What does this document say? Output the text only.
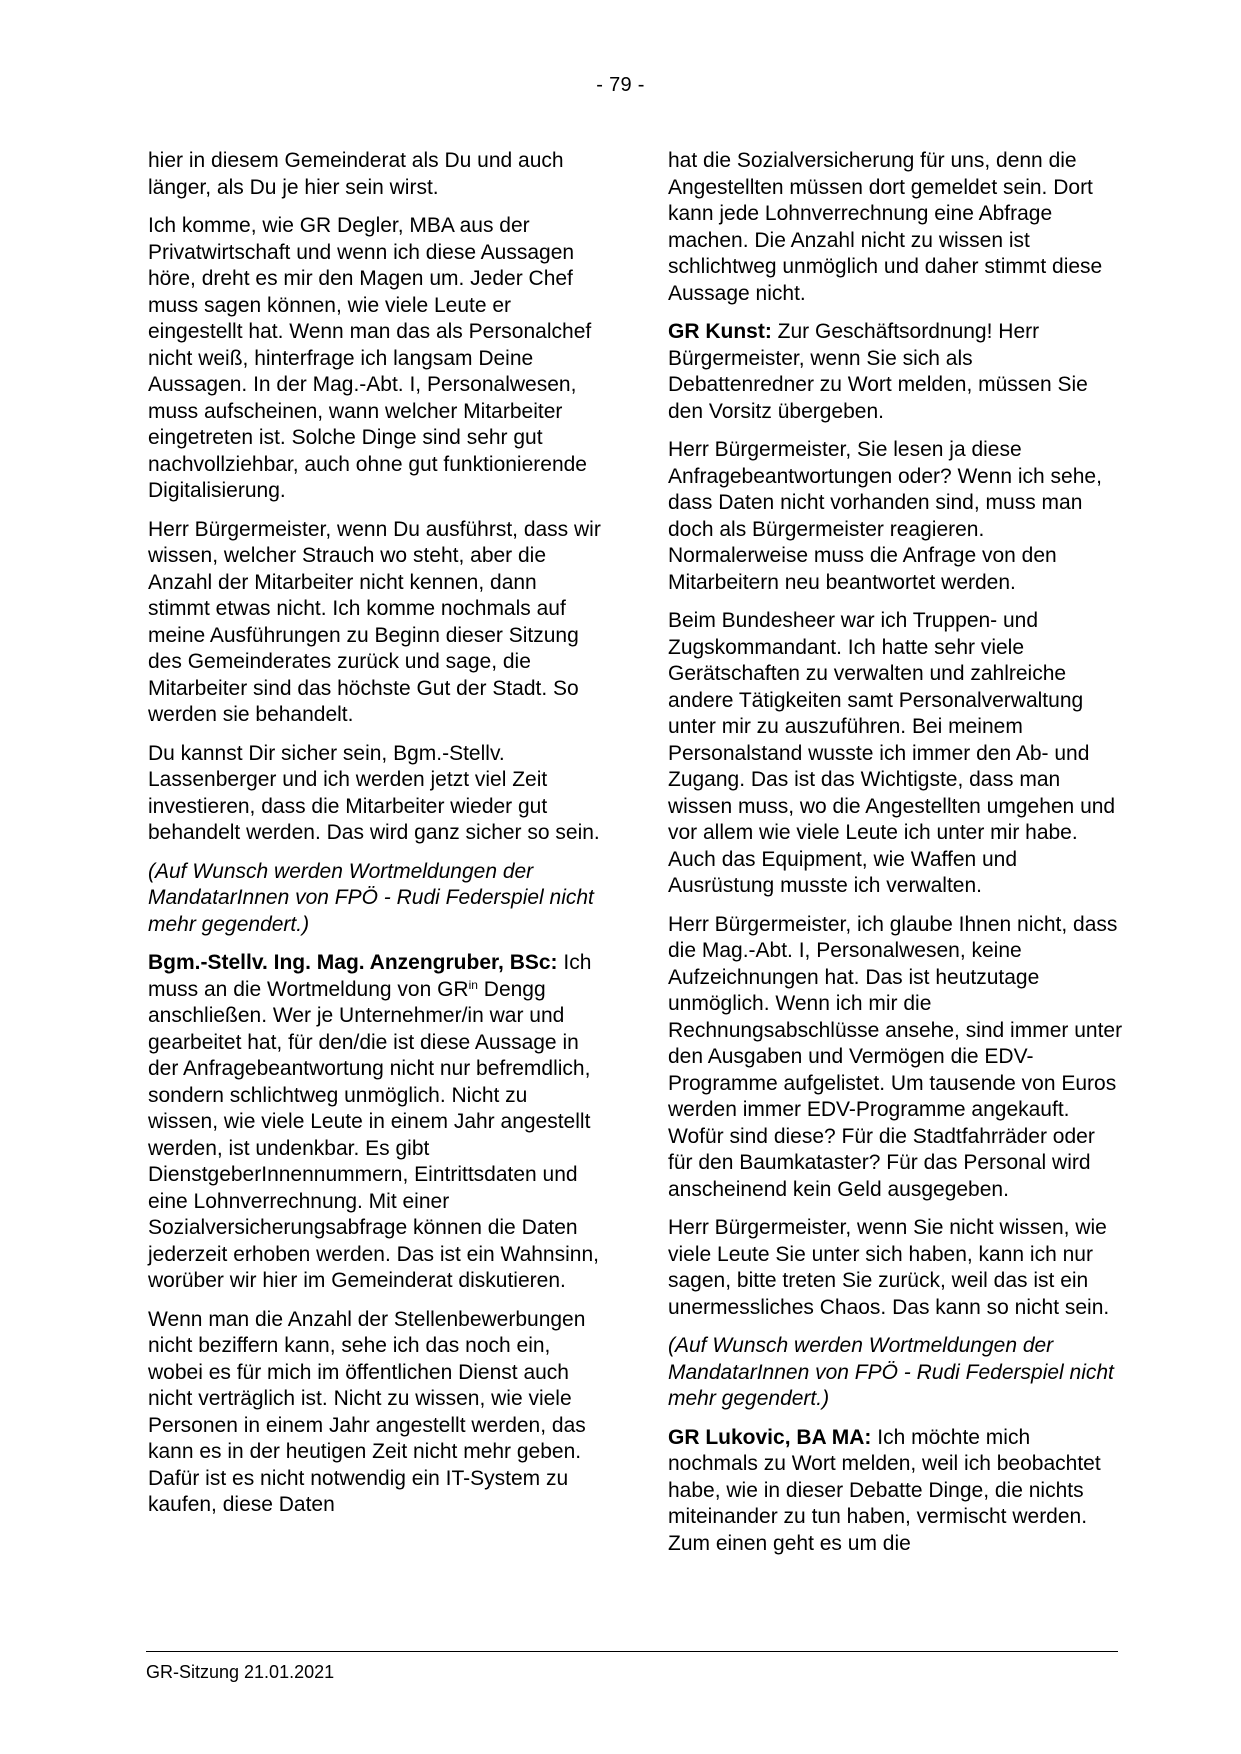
- 79 -

hier in diesem Gemeinderat als Du und auch länger, als Du je hier sein wirst.

Ich komme, wie GR Degler, MBA aus der Privatwirtschaft und wenn ich diese Aussagen höre, dreht es mir den Magen um. Jeder Chef muss sagen können, wie viele Leute er eingestellt hat. Wenn man das als Personalchef nicht weiß, hinterfrage ich langsam Deine Aussagen. In der Mag.-Abt. I, Personalwesen, muss aufscheinen, wann welcher Mitarbeiter eingetreten ist. Solche Dinge sind sehr gut nachvollziehbar, auch ohne gut funktionierende Digitalisierung.

Herr Bürgermeister, wenn Du ausführst, dass wir wissen, welcher Strauch wo steht, aber die Anzahl der Mitarbeiter nicht kennen, dann stimmt etwas nicht. Ich komme nochmals auf meine Ausführungen zu Beginn dieser Sitzung des Gemeinderates zurück und sage, die Mitarbeiter sind das höchste Gut der Stadt. So werden sie behandelt.

Du kannst Dir sicher sein, Bgm.-Stellv. Lassenberger und ich werden jetzt viel Zeit investieren, dass die Mitarbeiter wieder gut behandelt werden. Das wird ganz sicher so sein.

(Auf Wunsch werden Wortmeldungen der MandatarInnen von FPÖ - Rudi Federspiel nicht mehr gegendert.)

Bgm.-Stellv. Ing. Mag. Anzengruber, BSc: Ich muss an die Wortmeldung von $GR^{in}$ Dengg anschließen. Wer je Unternehmer/in war und gearbeitet hat, für den/die ist diese Aussage in der Anfragebeantwortung nicht nur befremdlich, sondern schlichtweg unmöglich. Nicht zu wissen, wie viele Leute in einem Jahr angestellt werden, ist undenkbar. Es gibt DienstgeberInnennummern, Eintrittsdaten und eine Lohnverrechnung. Mit einer Sozialversicherungsabfrage können die Daten jederzeit erhoben werden. Das ist ein Wahnsinn, worüber wir hier im Gemeinderat diskutieren.

Wenn man die Anzahl der Stellenbewerbungen nicht beziffern kann, sehe ich das noch ein, wobei es für mich im öffentlichen Dienst auch nicht verträglich ist. Nicht zu wissen, wie viele Personen in einem Jahr angestellt werden, das kann es in der heutigen Zeit nicht mehr geben. Dafür ist es nicht notwendig ein IT-System zu kaufen, diese Daten

hat die Sozialversicherung für uns, denn die Angestellten müssen dort gemeldet sein. Dort kann jede Lohnverrechnung eine Abfrage machen. Die Anzahl nicht zu wissen ist schlichtweg unmöglich und daher stimmt diese Aussage nicht.

GR Kunst: Zur Geschäftsordnung! Herr Bürgermeister, wenn Sie sich als Debattenredner zu Wort melden, müssen Sie den Vorsitz übergeben.

Herr Bürgermeister, Sie lesen ja diese Anfragebeantwortungen oder? Wenn ich sehe, dass Daten nicht vorhanden sind, muss man doch als Bürgermeister reagieren. Normalerweise muss die Anfrage von den Mitarbeitern neu beantwortet werden.

Beim Bundesheer war ich Truppen- und Zugskommandant. Ich hatte sehr viele Gerätschaften zu verwalten und zahlreiche andere Tätigkeiten samt Personalverwaltung unter mir zu auszuführen. Bei meinem Personalstand wusste ich immer den Ab- und Zugang. Das ist das Wichtigste, dass man wissen muss, wo die Angestellten umgehen und vor allem wie viele Leute ich unter mir habe. Auch das Equipment, wie Waffen und Ausrüstung musste ich verwalten.

Herr Bürgermeister, ich glaube Ihnen nicht, dass die Mag.-Abt. I, Personalwesen, keine Aufzeichnungen hat. Das ist heutzutage unmöglich. Wenn ich mir die Rechnungsabschlüsse ansehe, sind immer unter den Ausgaben und Vermögen die EDV-Programme aufgelistet. Um tausende von Euros werden immer EDV-Programme angekauft. Wofür sind diese? Für die Stadtfahrräder oder für den Baumkataster? Für das Personal wird anscheinend kein Geld ausgegeben.

Herr Bürgermeister, wenn Sie nicht wissen, wie viele Leute Sie unter sich haben, kann ich nur sagen, bitte treten Sie zurück, weil das ist ein unermessliches Chaos. Das kann so nicht sein.

(Auf Wunsch werden Wortmeldungen der MandatarInnen von FPÖ - Rudi Federspiel nicht mehr gegendert.)

GR Lukovic, BA MA: Ich möchte mich nochmals zu Wort melden, weil ich beobachtet habe, wie in dieser Debatte Dinge, die nichts miteinander zu tun haben, vermischt werden. Zum einen geht es um die

GR-Sitzung 21.01.2021
